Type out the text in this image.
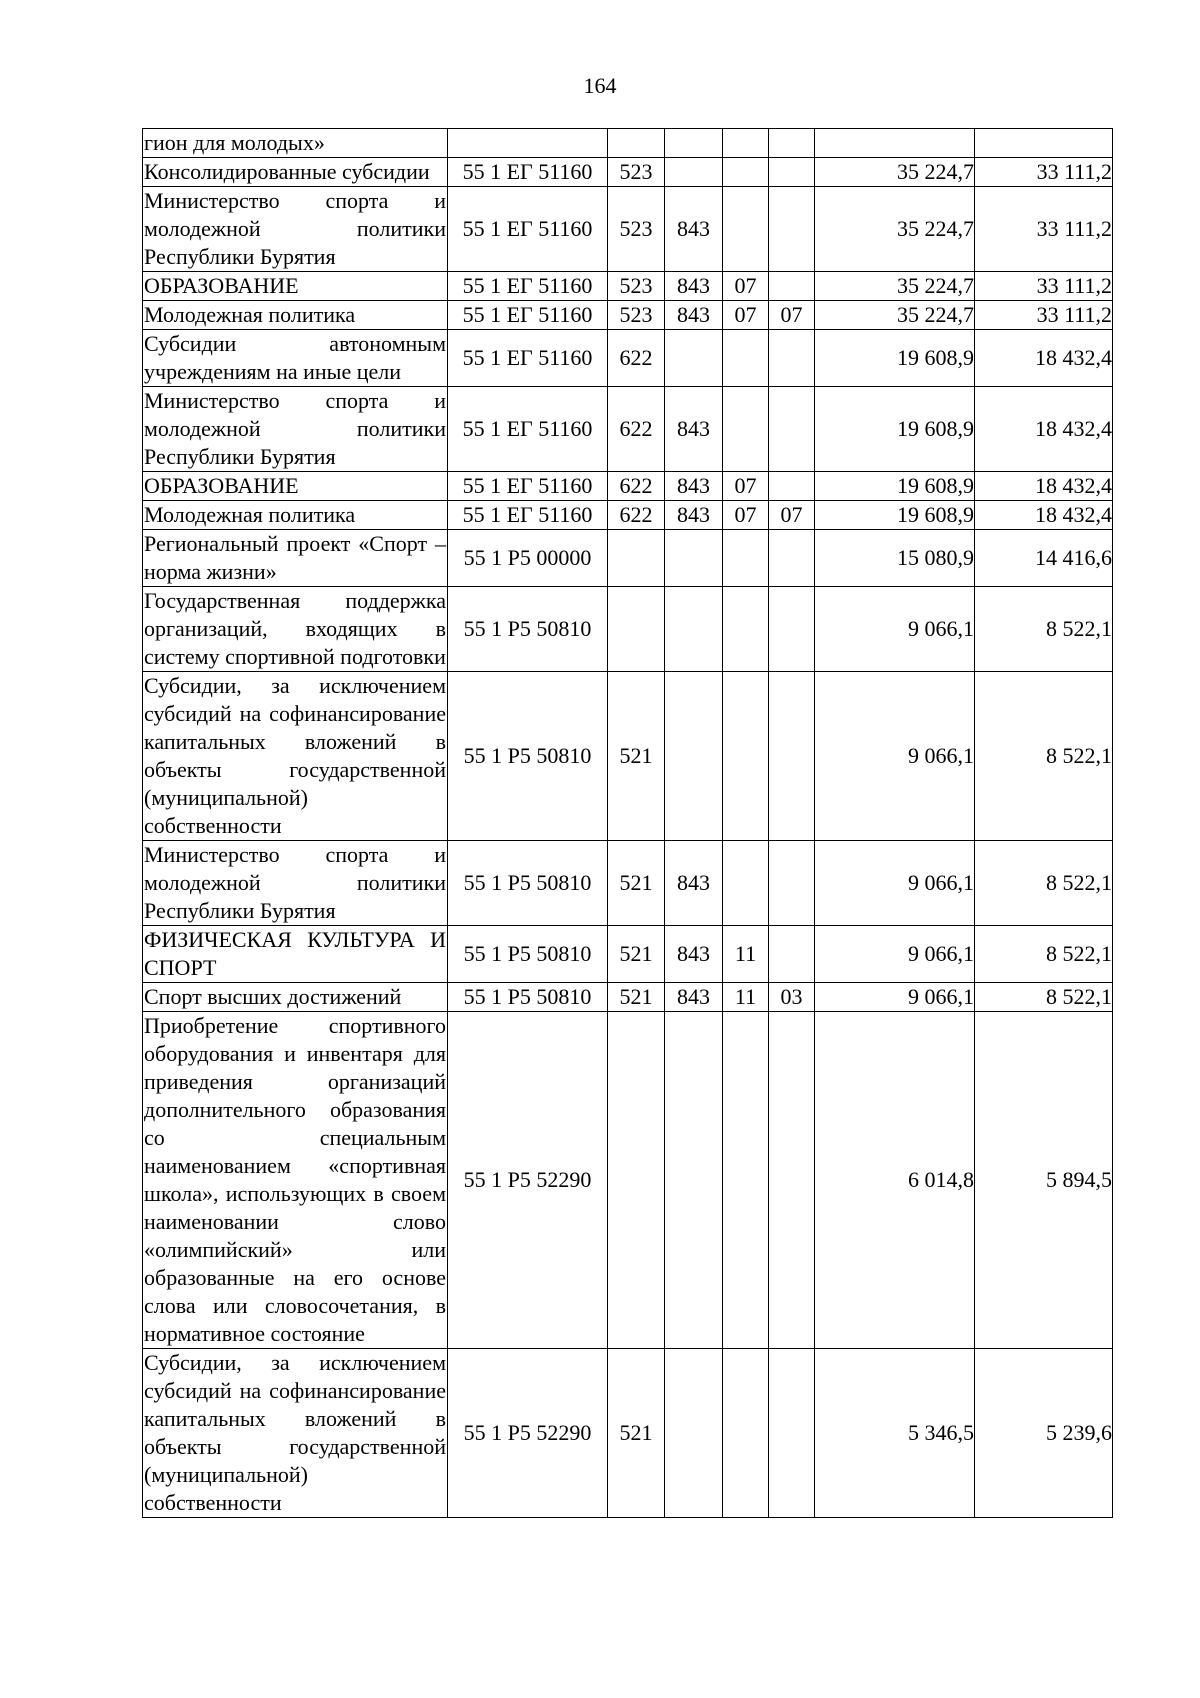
164
гион для молодых»							
Консолидированные субсидии	55 1 ЕГ 51160	523				35 224,7	33 111,2
Министерство спорта и молодежной политики Республики Бурятия	55 1 ЕГ 51160	523	843			35 224,7	33 111,2
ОБРАЗОВАНИЕ	55 1 ЕГ 51160	523	843	07		35 224,7	33 111,2
Молодежная политика	55 1 ЕГ 51160	523	843	07	07	35 224,7	33 111,2
Субсидии автономным учреждениям на иные цели	55 1 ЕГ 51160	622				19 608,9	18 432,4
Министерство спорта и молодежной политики Республики Бурятия	55 1 ЕГ 51160	622	843			19 608,9	18 432,4
ОБРАЗОВАНИЕ	55 1 ЕГ 51160	622	843	07		19 608,9	18 432,4
Молодежная политика	55 1 ЕГ 51160	622	843	07	07	19 608,9	18 432,4
Региональный проект «Спорт – норма жизни»	55 1 Р5 00000					15 080,9	14 416,6
Государственная поддержка организаций, входящих в систему спортивной подготовки	55 1 Р5 50810					9 066,1	8 522,1
Субсидии, за исключением субсидий на софинансирование капитальных вложений в объекты государственной (муниципальной) собственности	55 1 Р5 50810	521				9 066,1	8 522,1
Министерство спорта и молодежной политики Республики Бурятия	55 1 Р5 50810	521	843			9 066,1	8 522,1
ФИЗИЧЕСКАЯ КУЛЬТУРА И СПОРТ	55 1 Р5 50810	521	843	11		9 066,1	8 522,1
Спорт высших достижений	55 1 Р5 50810	521	843	11	03	9 066,1	8 522,1
Приобретение спортивного оборудования и инвентаря для приведения организаций дополнительного образования со специальным наименованием «спортивная школа», использующих в своем наименовании слово «олимпийский» или образованные на его основе слова или словосочетания, в нормативное состояние	55 1 Р5 52290					6 014,8	5 894,5
Субсидии, за исключением субсидий на софинансирование капитальных вложений в объекты государственной (муниципальной) собственности	55 1 Р5 52290	521				5 346,5	5 239,6
